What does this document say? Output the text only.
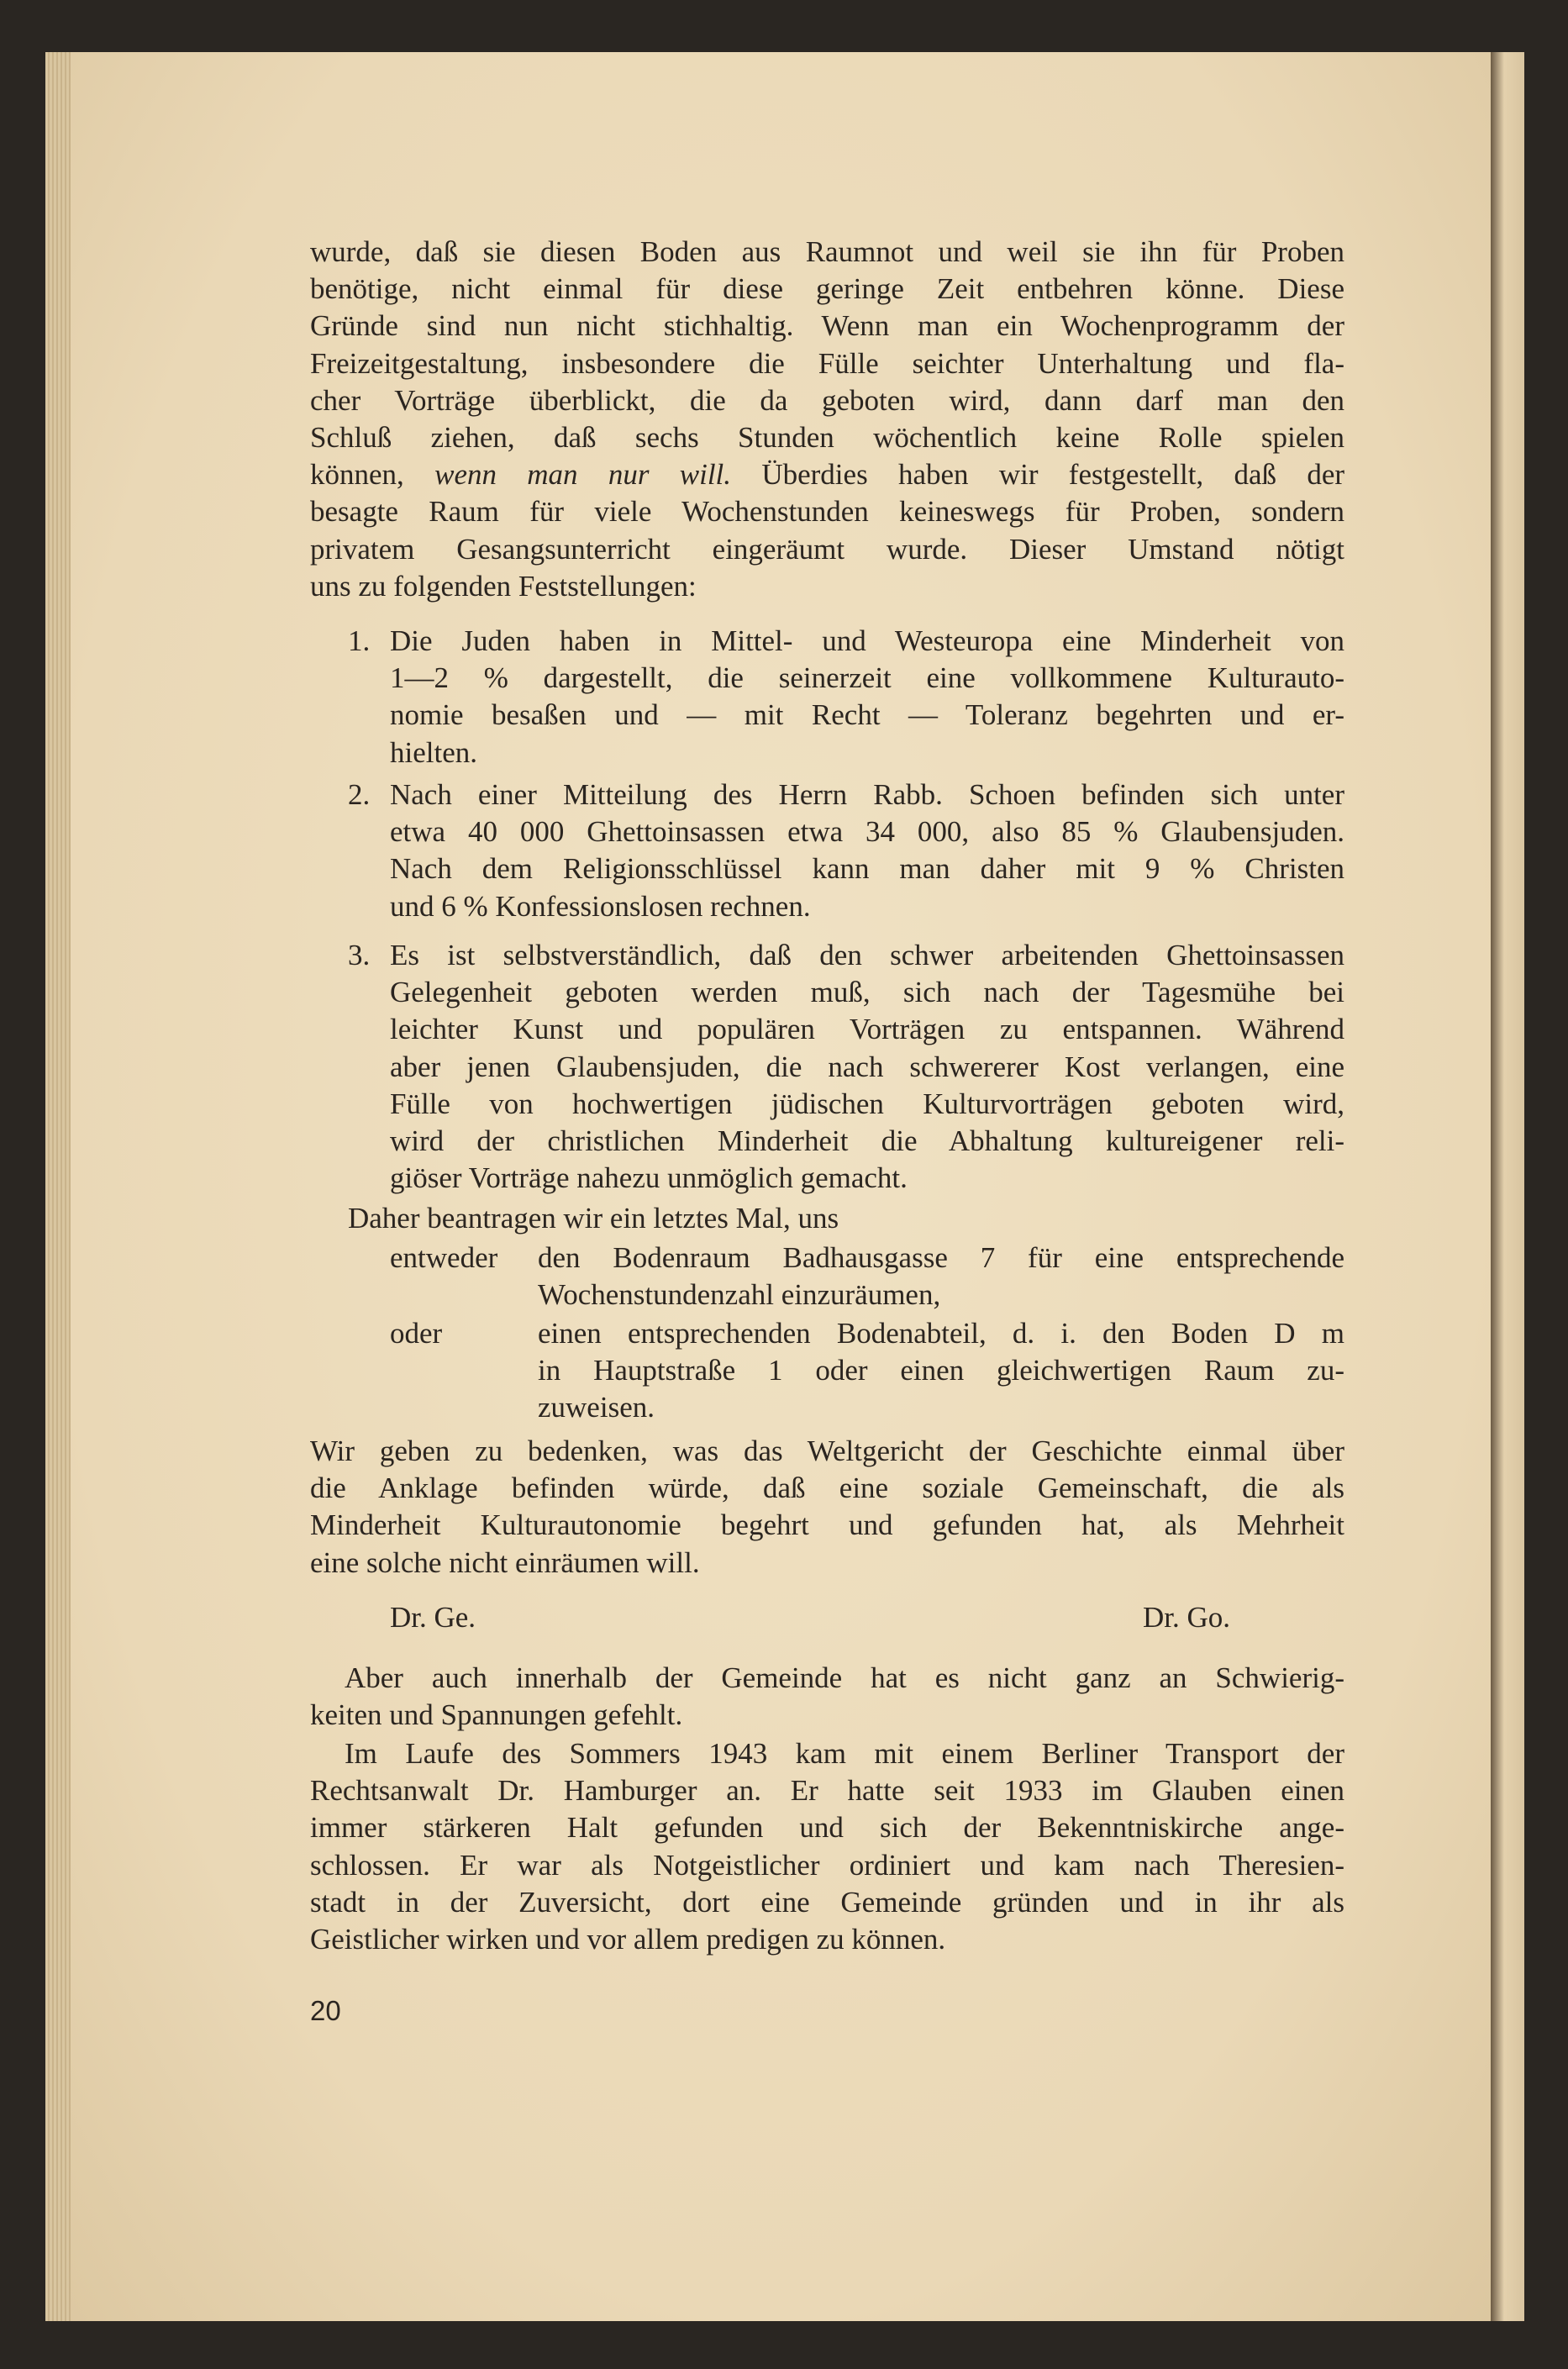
wurde, daß sie diesen Boden aus Raumnot und weil sie ihn für Proben
benötige, nicht einmal für diese geringe Zeit entbehren könne. Diese
Gründe sind nun nicht stichhaltig. Wenn man ein Wochenprogramm der
Freizeitgestaltung, insbesondere die Fülle seichter Unterhaltung und fla-
cher Vorträge überblickt, die da geboten wird, dann darf man den
Schluß ziehen, daß sechs Stunden wöchentlich keine Rolle spielen
können, wenn man nur will. Überdies haben wir festgestellt, daß der
besagte Raum für viele Wochenstunden keineswegs für Proben, sondern
privatem Gesangsunterricht eingeräumt wurde. Dieser Umstand nötigt
uns zu folgenden Feststellungen:
1. Die Juden haben in Mittel- und Westeuropa eine Minderheit von
1—2 % dargestellt, die seinerzeit eine vollkommene Kulturauto-
nomie besaßen und — mit Recht — Toleranz begehrten und er-
hielten.
2. Nach einer Mitteilung des Herrn Rabb. Schoen befinden sich unter
etwa 40 000 Ghettoinsassen etwa 34 000, also 85 % Glaubensjuden.
Nach dem Religionsschlüssel kann man daher mit 9 % Christen
und 6 % Konfessionslosen rechnen.
3. Es ist selbstverständlich, daß den schwer arbeitenden Ghettoinsassen
Gelegenheit geboten werden muß, sich nach der Tagesmühe bei
leichter Kunst und populären Vorträgen zu entspannen. Während
aber jenen Glaubensjuden, die nach schwererer Kost verlangen, eine
Fülle von hochwertigen jüdischen Kulturvorträgen geboten wird,
wird der christlichen Minderheit die Abhaltung kultureigener reli-
giöser Vorträge nahezu unmöglich gemacht.
Daher beantragen wir ein letztes Mal, uns
entweder den Bodenraum Badhausgasse 7 für eine entsprechende
Wochenstundenzahl einzuräumen,
oder	einen entsprechenden Bodenabteil, d. i. den Boden D m
in Hauptstraße 1 oder einen gleichwertigen Raum zu-
zuweisen.
Wir geben zu bedenken, was das Weltgericht der Geschichte einmal über
die Anklage befinden würde, daß eine soziale Gemeinschaft, die als
Minderheit Kulturautonomie begehrt und gefunden hat, als Mehrheit
eine solche nicht einräumen will.
Dr. Ge.	Dr. Go.
Aber auch innerhalb der Gemeinde hat es nicht ganz an Schwierig-
keiten und Spannungen gefehlt.
Im Laufe des Sommers 1943 kam mit einem Berliner Transport der
Rechtsanwalt Dr. Hamburger an. Er hatte seit 1933 im Glauben einen
immer stärkeren Halt gefunden und sich der Bekenntniskirche ange-
schlossen. Er war als Notgeistlicher ordiniert und kam nach Theresien-
stadt in der Zuversicht, dort eine Gemeinde gründen und in ihr als
Geistlicher wirken und vor allem predigen zu können.
20
